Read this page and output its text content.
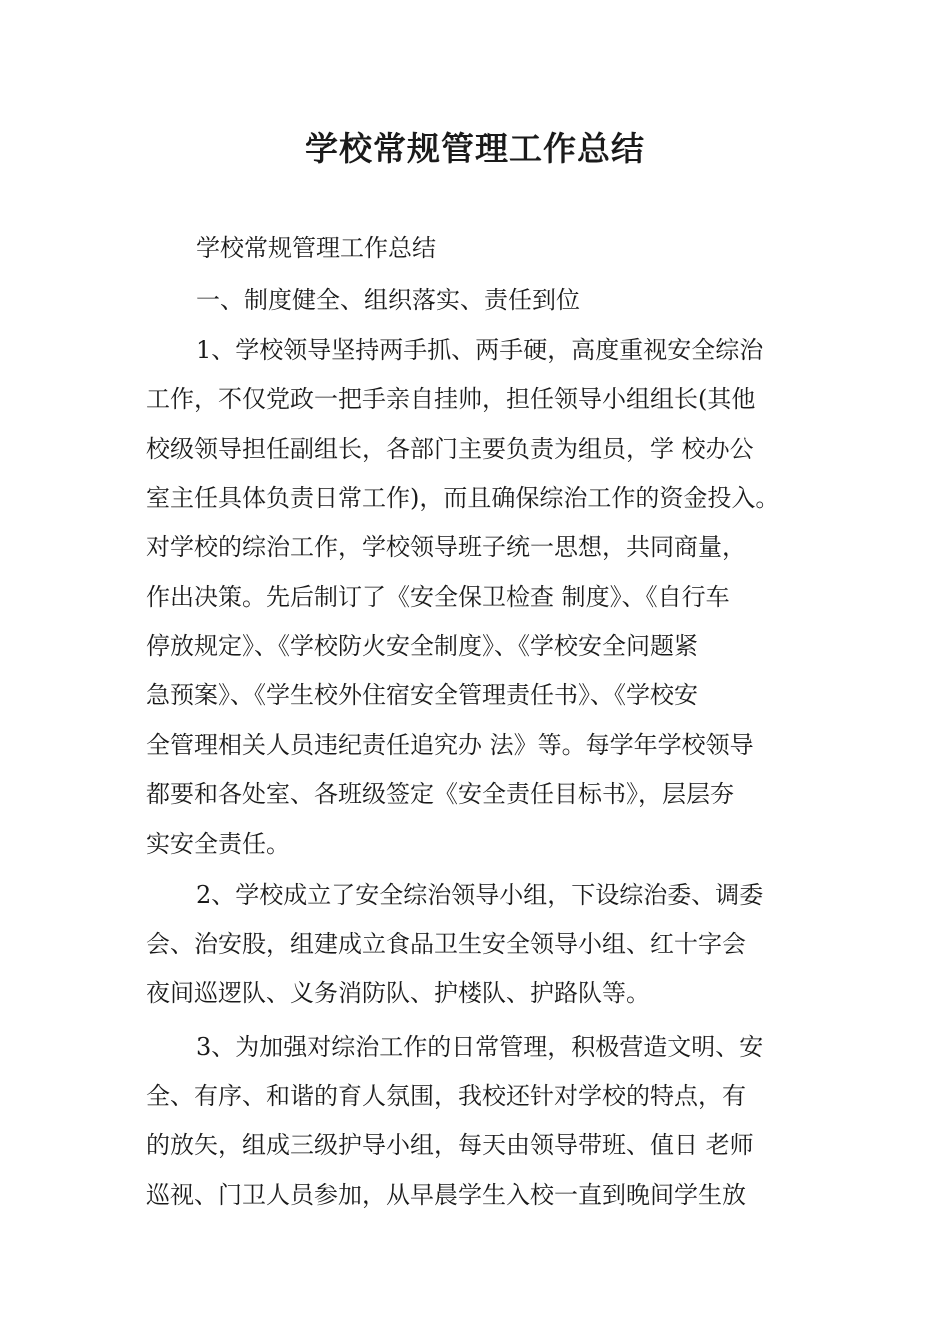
学校常规管理工作总结

学校常规管理工作总结

一、制度健全、组织落实、责任到位

1、学校领导坚持两手抓、两手硬，高度重视安全综治

工作，不仅党政一把手亲自挂帅，担任领导小组组长(其他

校级领导担任副组长，各部门主要负责为组员，学 校办公

室主任具体负责日常工作)，而且确保综治工作的资金投入。

对学校的综治工作，学校领导班子统一思想，共同商量，

作出决策。先后制订了《安全保卫检查 制度》、《自行车

停放规定》、《学校防火安全制度》、《学校安全问题紧

急预案》、《学生校外住宿安全管理责任书》、《学校安

全管理相关人员违纪责任追究办 法》等。每学年学校领导

都要和各处室、各班级签定《安全责任目标书》，层层夯

实安全责任。

2、学校成立了安全综治领导小组，下设综治委、调委

会、治安股，组建成立食品卫生安全领导小组、红十字会

夜间巡逻队、义务消防队、护楼队、护路队等。

3、为加强对综治工作的日常管理，积极营造文明、安

全、有序、和谐的育人氛围，我校还针对学校的特点，有

的放矢，组成三级护导小组，每天由领导带班、值日 老师

巡视、门卫人员参加，从早晨学生入校一直到晚间学生放
